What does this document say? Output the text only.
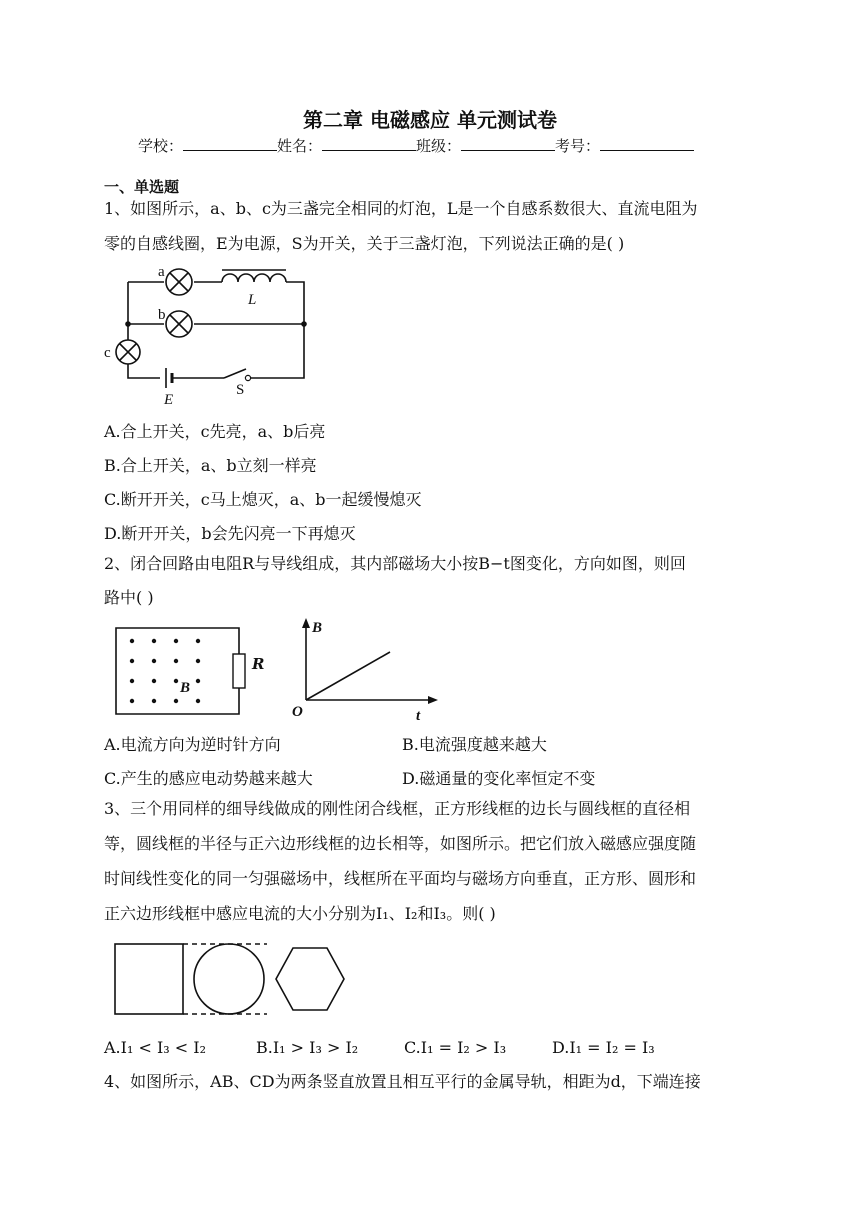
第二章 电磁感应 单元测试卷
学校：	姓名：	班级：	考号：
一、单选题
1、如图所示，a、b、c为三盏完全相同的灯泡，L是一个自感系数很大、直流电阻为
零的自感线圈，E为电源，S为开关，关于三盏灯泡，下列说法正确的是( )
a
b
c
L
E
S
A.合上开关，c先亮，a、b后亮
B.合上开关，a、b立刻一样亮
C.断开开关，c马上熄灭，a、b一起缓慢熄灭
D.断开开关，b会先闪亮一下再熄灭
2、闭合回路由电阻R与导线组成，其内部磁场大小按B−t图变化，方向如图，则回
路中( )
B
R
B
t
O
A.电流方向为逆时针方向	B.电流强度越来越大
C.产生的感应电动势越来越大	D.磁通量的变化率恒定不变
3、三个用同样的细导线做成的刚性闭合线框，正方形线框的边长与圆线框的直径相
等，圆线框的半径与正六边形线框的边长相等，如图所示。把它们放入磁感应强度随
时间线性变化的同一匀强磁场中，线框所在平面均与磁场方向垂直，正方形、圆形和
正六边形线框中感应电流的大小分别为I₁、I₂和I₃。则( )
A.I₁ < I₃ < I₂	B.I₁ > I₃ > I₂	C.I₁ = I₂ > I₃	D.I₁ = I₂ = I₃
4、如图所示，AB、CD为两条竖直放置且相互平行的金属导轨，相距为d，下端连接
